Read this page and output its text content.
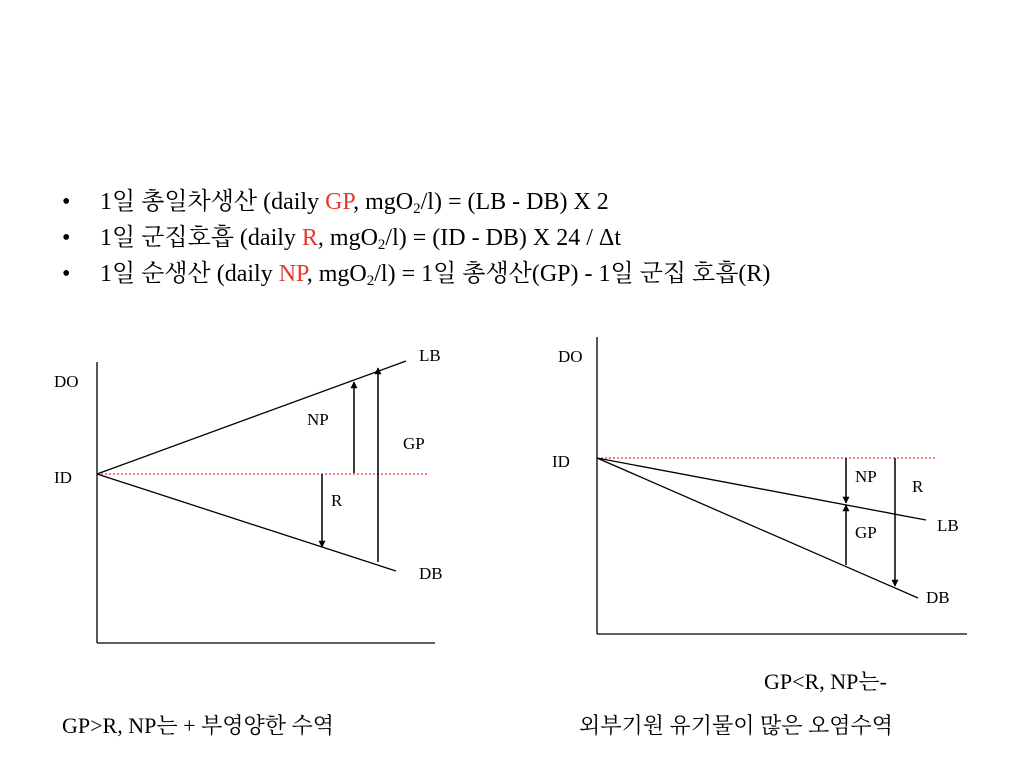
• 1일 총일차생산 (daily GP, mgO$_2$/l) = (LB - DB) X 2
• 1일 군집호흡 (daily R, mgO$_2$/l) = (ID - DB) X 24 / Δt
• 1일 순생산 (daily NP, mgO$_2$/l) = 1일 총생산(GP) - 1일 군집 호흡(R)
DO
ID
LB
DB
NP
GP
R
DO
ID
LB
DB
NP
GP
R
GP>R, NP는 + 부영양한 수역
GP<R, NP는-
외부기원 유기물이 많은 오염수역
